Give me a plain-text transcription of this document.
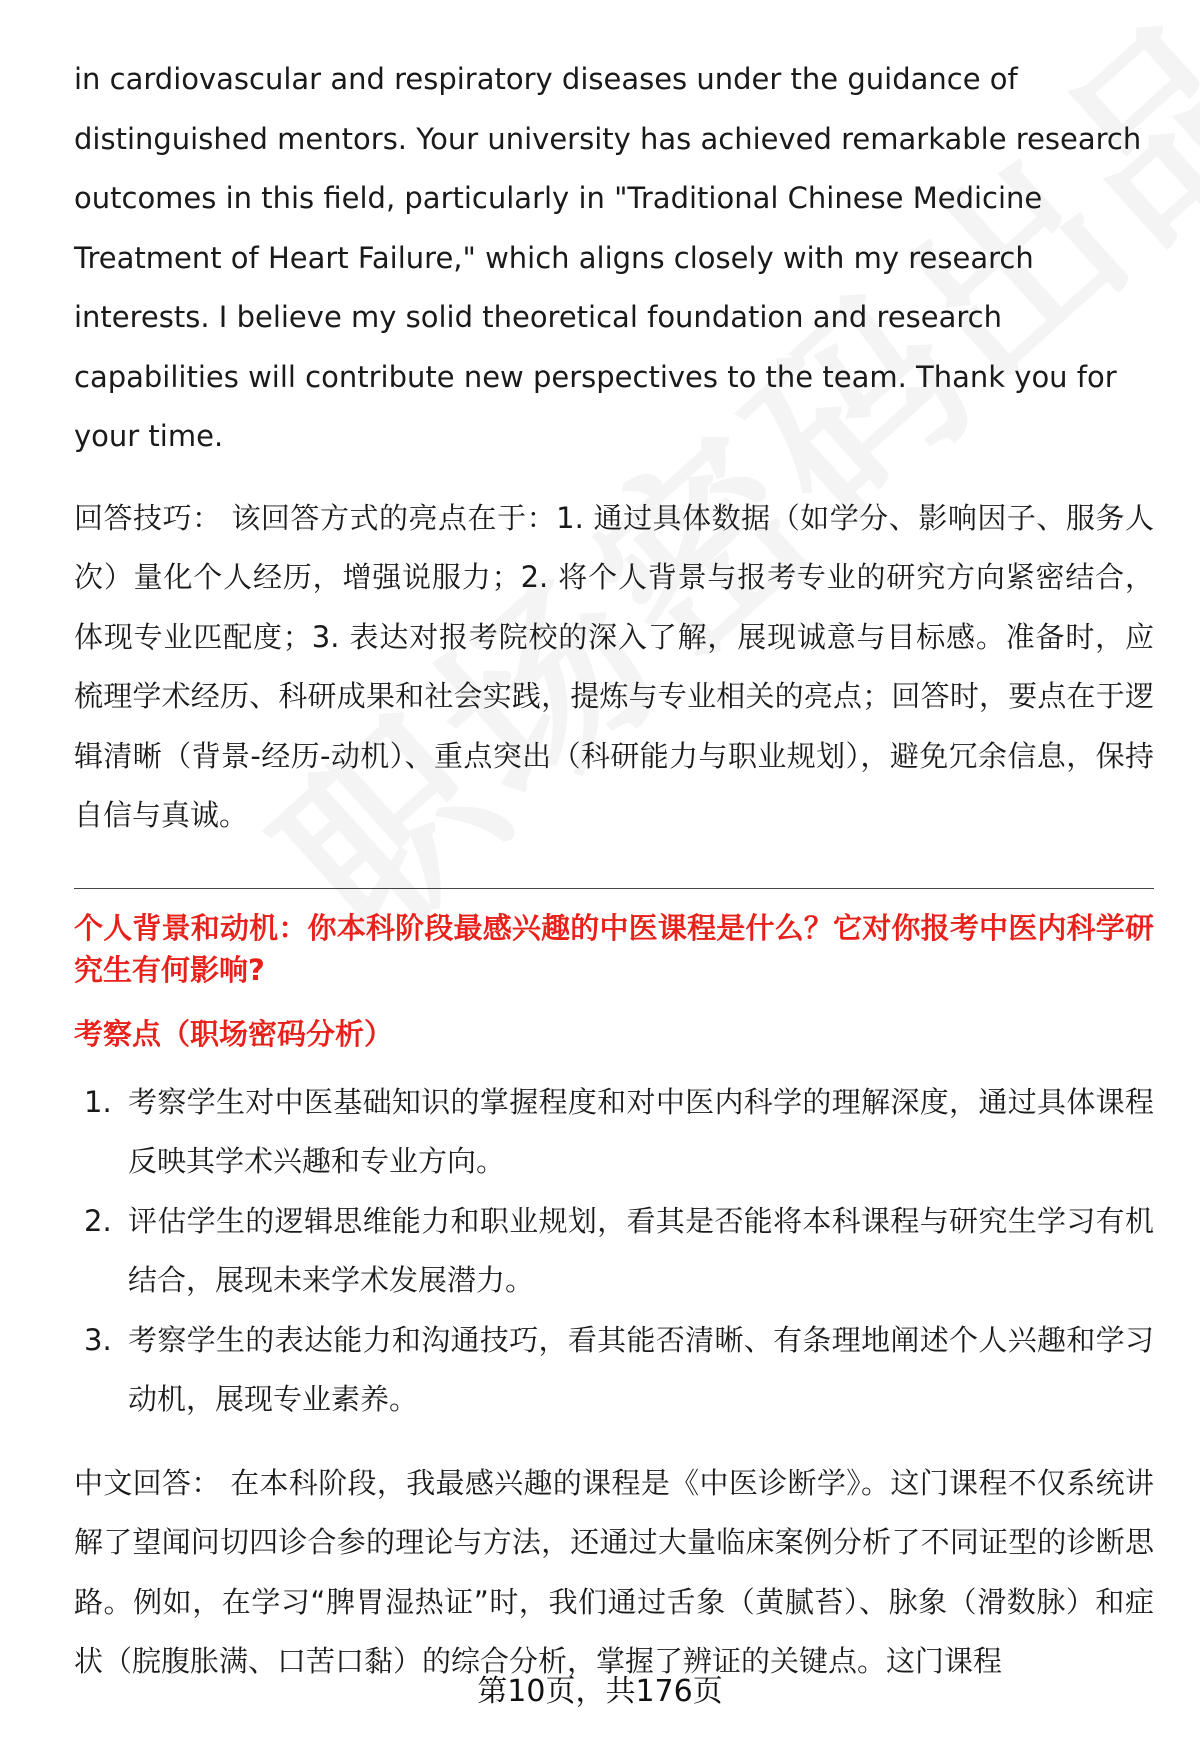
in cardiovascular and respiratory diseases under the guidance of distinguished mentors. Your university has achieved remarkable research outcomes in this field, particularly in "Traditional Chinese Medicine Treatment of Heart Failure," which aligns closely with my research interests. I believe my solid theoretical foundation and research capabilities will contribute new perspectives to the team. Thank you for your time.

回答技巧： 该回答方式的亮点在于：1. 通过具体数据（如学分、影响因子、服务人次）量化个人经历，增强说服力；2. 将个人背景与报考专业的研究方向紧密结合，体现专业匹配度；3. 表达对报考院校的深入了解，展现诚意与目标感。准备时，应梳理学术经历、科研成果和社会实践，提炼与专业相关的亮点；回答时，要点在于逻辑清晰（背景-经历-动机）、重点突出（科研能力与职业规划），避免冗余信息，保持自信与真诚。

个人背景和动机：你本科阶段最感兴趣的中医课程是什么？它对你报考中医内科学研究生有何影响?

考察点（职场密码分析）
1. 考察学生对中医基础知识的掌握程度和对中医内科学的理解深度，通过具体课程反映其学术兴趣和专业方向。
2. 评估学生的逻辑思维能力和职业规划，看其是否能将本科课程与研究生学习有机结合，展现未来学术发展潜力。
3. 考察学生的表达能力和沟通技巧，看其能否清晰、有条理地阐述个人兴趣和学习动机，展现专业素养。

中文回答： 在本科阶段，我最感兴趣的课程是《中医诊断学》。这门课程不仅系统讲解了望闻问切四诊合参的理论与方法，还通过大量临床案例分析了不同证型的诊断思路。例如，在学习“脾胃湿热证”时，我们通过舌象（黄腻苔）、脉象（滑数脉）和症状（脘腹胀满、口苦口黏）的综合分析，掌握了辨证的关键点。这门课程

第10页，共176页
